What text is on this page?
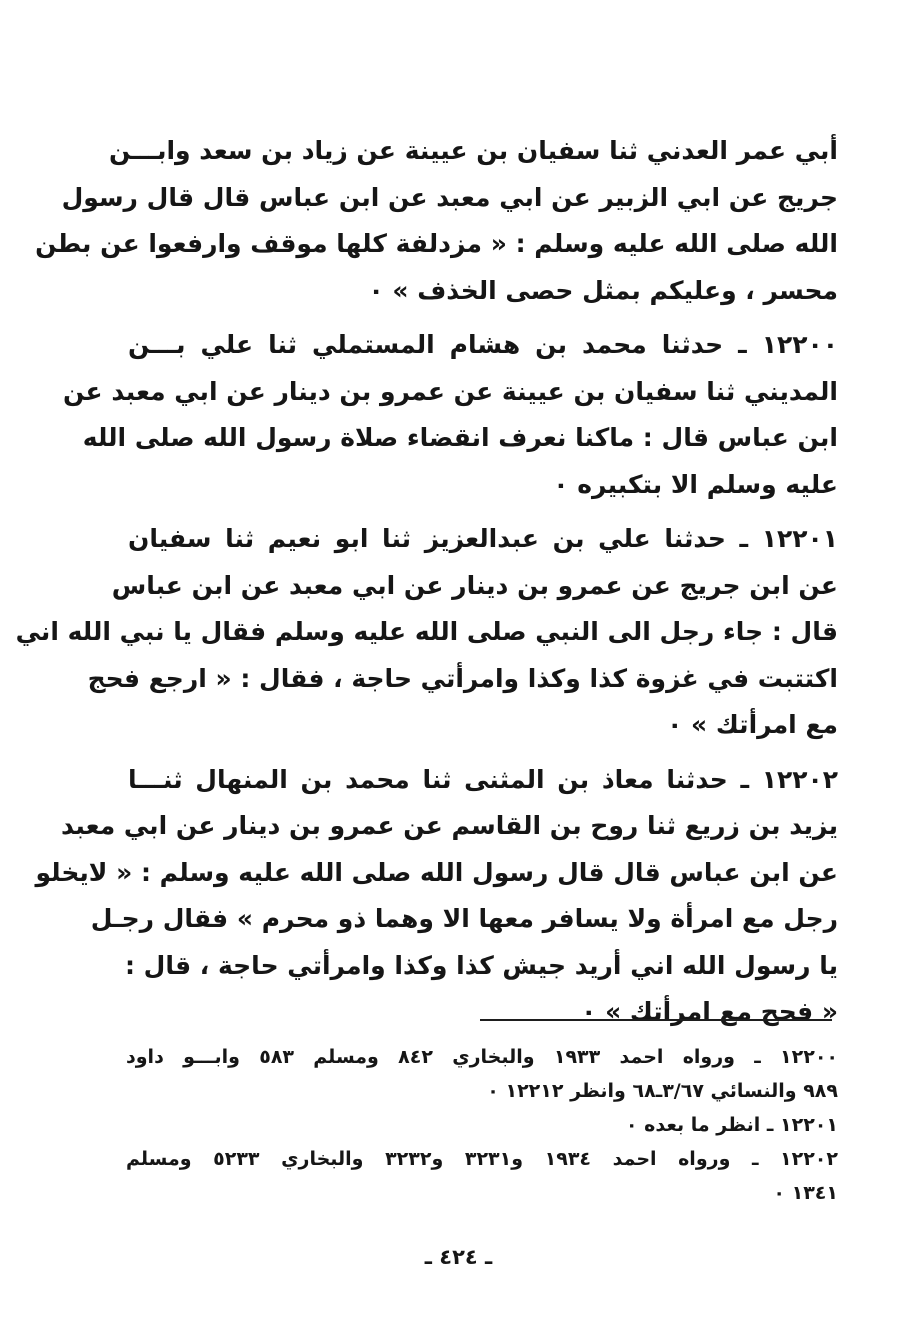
أبي عمر العدني ثنا سفيان بن عيينة عن زياد بن سعد وابـــن
جريج عن ابي الزبير عن ابي معبد عن ابن عباس قال قال رسول
الله صلى الله عليه وسلم : « مزدلفة كلها موقف وارفعوا عن بطن
محسر ، وعليكم بمثل حصى الخذف » ٠

١٢٢٠٠ ـ حدثنا محمد بن هشام المستملي ثنا علي بـــن
المديني ثنا سفيان بن عيينة عن عمرو بن دينار عن ابي معبد عن
ابن عباس قال : ماكنا نعرف انقضاء صلاة رسول الله صلى الله
عليه وسلم الا بتكبيره ٠

١٢٢٠١ ـ حدثنا علي بن عبدالعزيز ثنا ابو نعيم ثنا سفيان
عن ابن جريج عن عمرو بن دينار عن ابي معبد عن ابن عباس
قال : جاء رجل الى النبي صلى الله عليه وسلم فقال يا نبي الله اني
اكتتبت في غزوة كذا وكذا وامرأتي حاجة ، فقال : « ارجع فحج
مع امرأتك » ٠

١٢٢٠٢ ـ حدثنا معاذ بن المثنى ثنا محمد بن المنهال ثنـــا
يزيد بن زريع ثنا روح بن القاسم عن عمرو بن دينار عن ابي معبد
عن ابن عباس قال قال رسول الله صلى الله عليه وسلم : « لايخلو
رجل مع امرأة ولا يسافر معها الا وهما ذو محرم » فقال رجـل
يا رسول الله اني أريد جيش كذا وكذا وامرأتي حاجة ، قال :
« فحج مع امرأتك » ٠

١٢٢٠٠ ـ ورواه احمد ١٩٣٣ والبخاري ٨٤٢ ومسلم ٥٨٣ وابـــو داود
٩٨٩ والنسائي ٣/٦٧ـ٦٨ وانظر ١٢٢١٢ ٠

١٢٢٠١ ـ انظر ما بعده ٠

١٢٢٠٢ ـ ورواه احمد ١٩٣٤ و٣٢٣١ و٣٢٣٢ والبخاري ٥٢٣٣ ومسلم
١٣٤١ ٠

ـ ٤٢٤ ـ
